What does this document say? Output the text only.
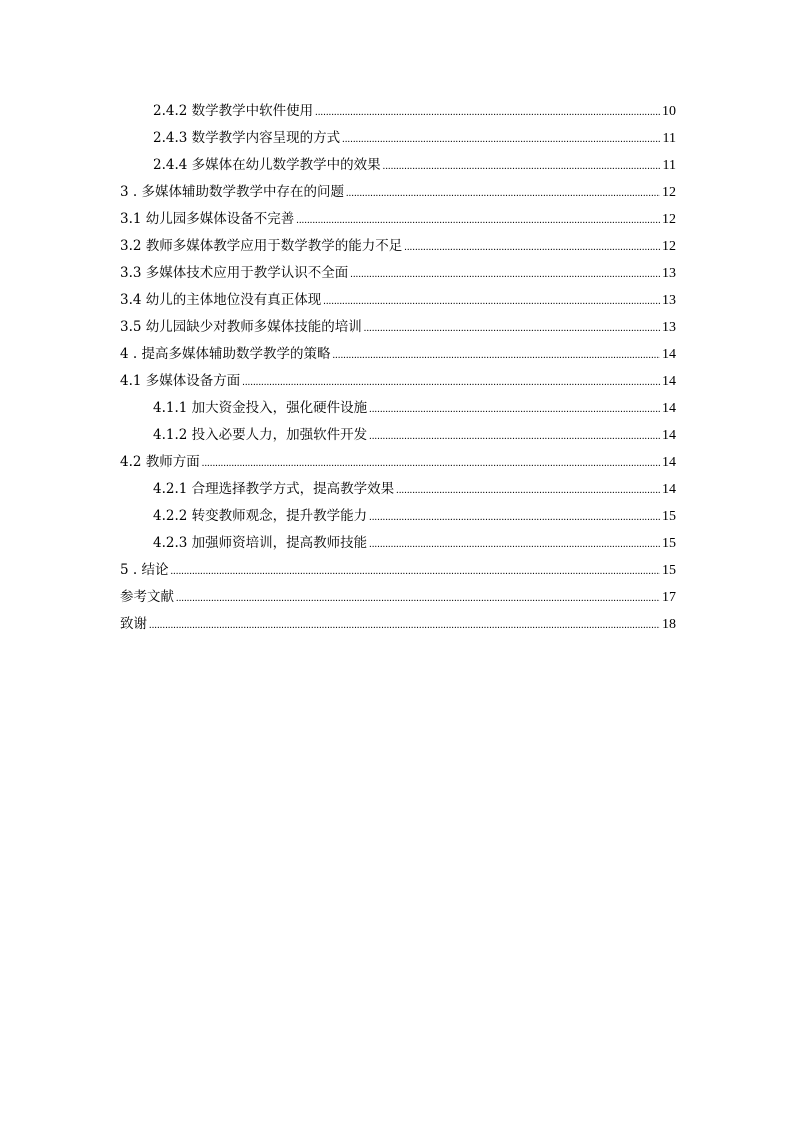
2.4.2 数学教学中软件使用 .....	10
2.4.3 数学教学内容呈现的方式 .....	11
2.4.4 多媒体在幼儿数学教学中的效果 .....	11
3 . 多媒体辅助数学教学中存在的问题 .....	12
3.1 幼儿园多媒体设备不完善 .....	12
3.2 教师多媒体教学应用于数学教学的能力不足 .....	12
3.3 多媒体技术应用于教学认识不全面 .....	13
3.4 幼儿的主体地位没有真正体现 .....	13
3.5 幼儿园缺少对教师多媒体技能的培训 .....	13
4 . 提高多媒体辅助数学教学的策略 .....	14
4.1 多媒体设备方面 .....	14
4.1.1 加大资金投入，强化硬件设施 .....	14
4.1.2 投入必要人力，加强软件开发 .....	14
4.2 教师方面 .....	14
4.2.1 合理选择教学方式，提高教学效果 .....	14
4.2.2 转变教师观念，提升教学能力 .....	15
4.2.3 加强师资培训，提高教师技能 .....	15
5 . 结论 .....	15
参考文献 .....	17
致谢 .....	18
